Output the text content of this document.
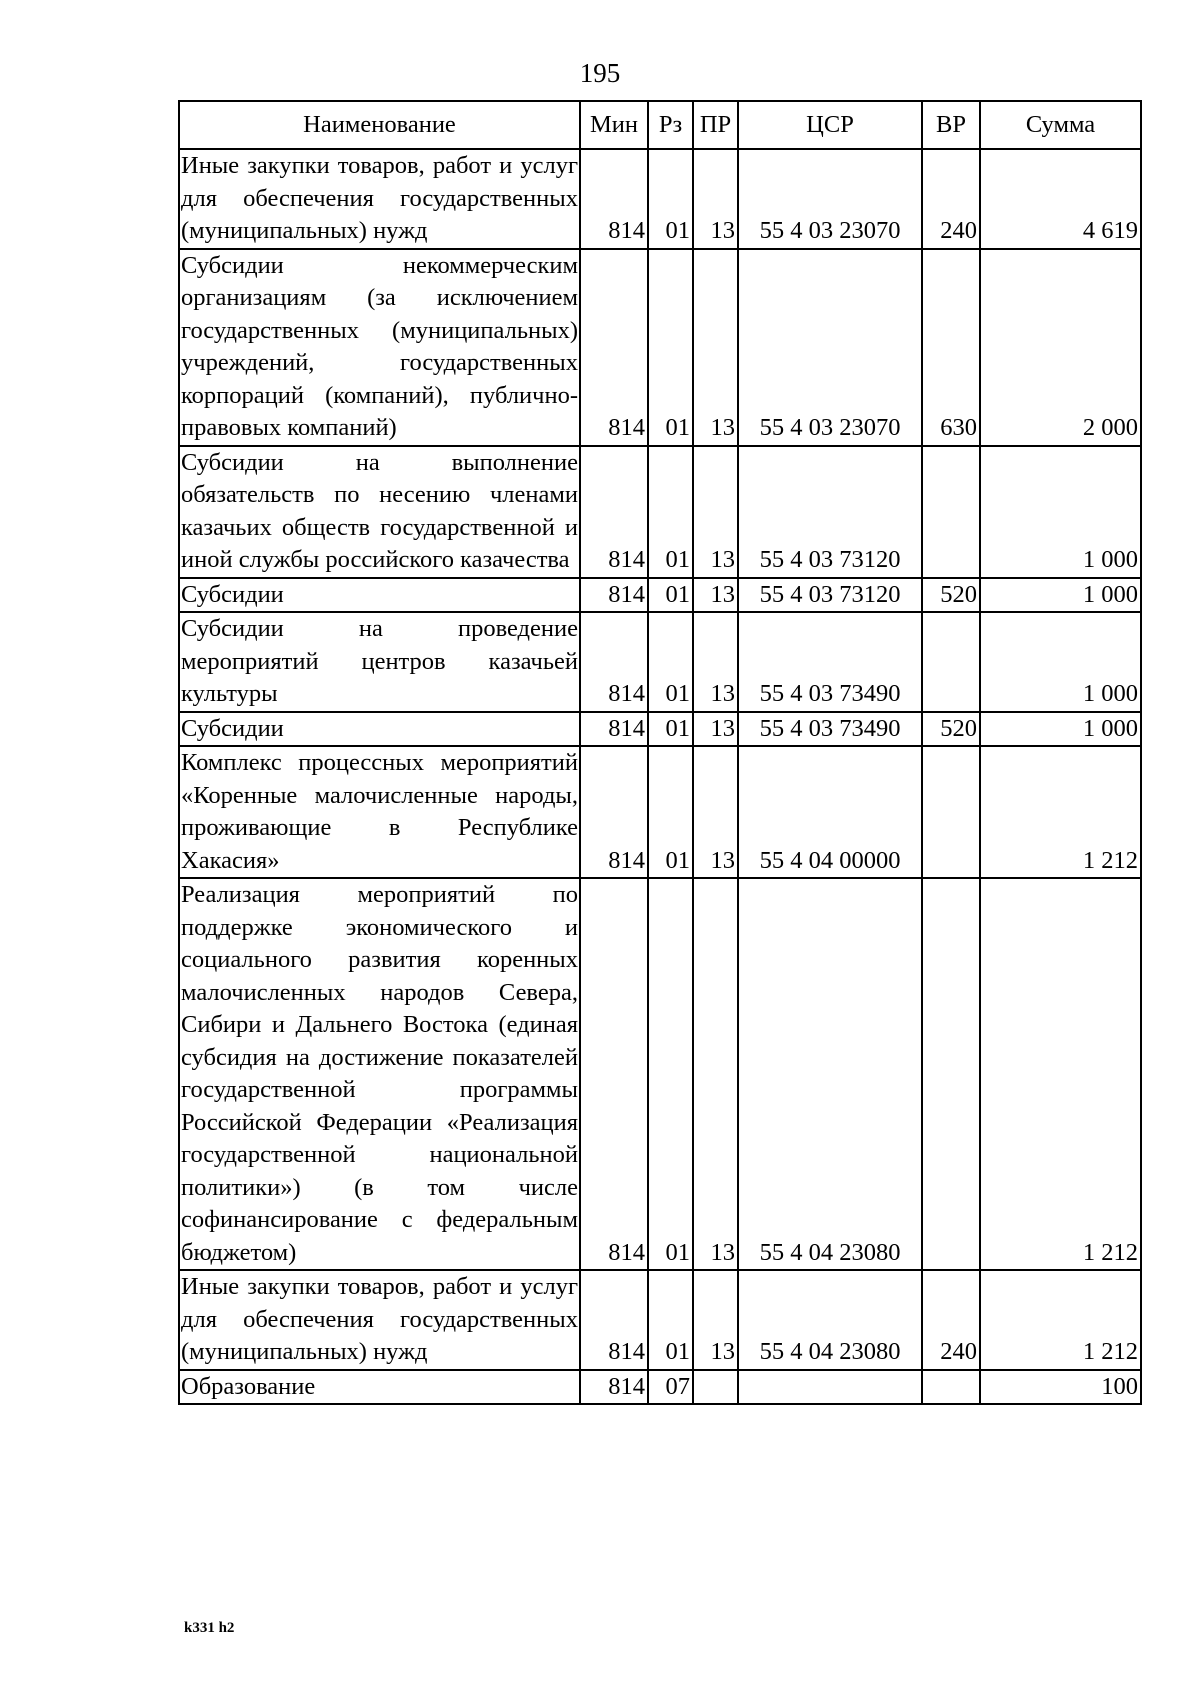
195
Наименование	Мин	Рз	ПР	ЦСР	ВР	Сумма
Иные закупки товаров, работ и услуг для обеспечения государственных (муниципальных) нужд	814	01	13	55 4 03 23070	240	4 619
Субсидии некоммерческим организациям (за исключением государственных (муниципальных) учреждений, государственных корпораций (компаний), публично-правовых компаний)	814	01	13	55 4 03 23070	630	2 000
Субсидии на выполнение обязательств по несению членами казачьих обществ государственной и иной службы российского казачества	814	01	13	55 4 03 73120		1 000
Субсидии	814	01	13	55 4 03 73120	520	1 000
Субсидии на проведение мероприятий центров казачьей культуры	814	01	13	55 4 03 73490		1 000
Субсидии	814	01	13	55 4 03 73490	520	1 000
Комплекс процессных мероприятий «Коренные малочисленные народы, проживающие в Республике Хакасия»	814	01	13	55 4 04 00000		1 212
Реализация мероприятий по поддержке экономического и социального развития коренных малочисленных народов Севера, Сибири и Дальнего Востока (единая субсидия на достижение показателей государственной программы Российской Федерации «Реализация государственной национальной политики») (в том числе софинансирование с федеральным бюджетом)	814	01	13	55 4 04 23080		1 212
Иные закупки товаров, работ и услуг для обеспечения государственных (муниципальных) нужд	814	01	13	55 4 04 23080	240	1 212
Образование	814	07				100
k331 h2
